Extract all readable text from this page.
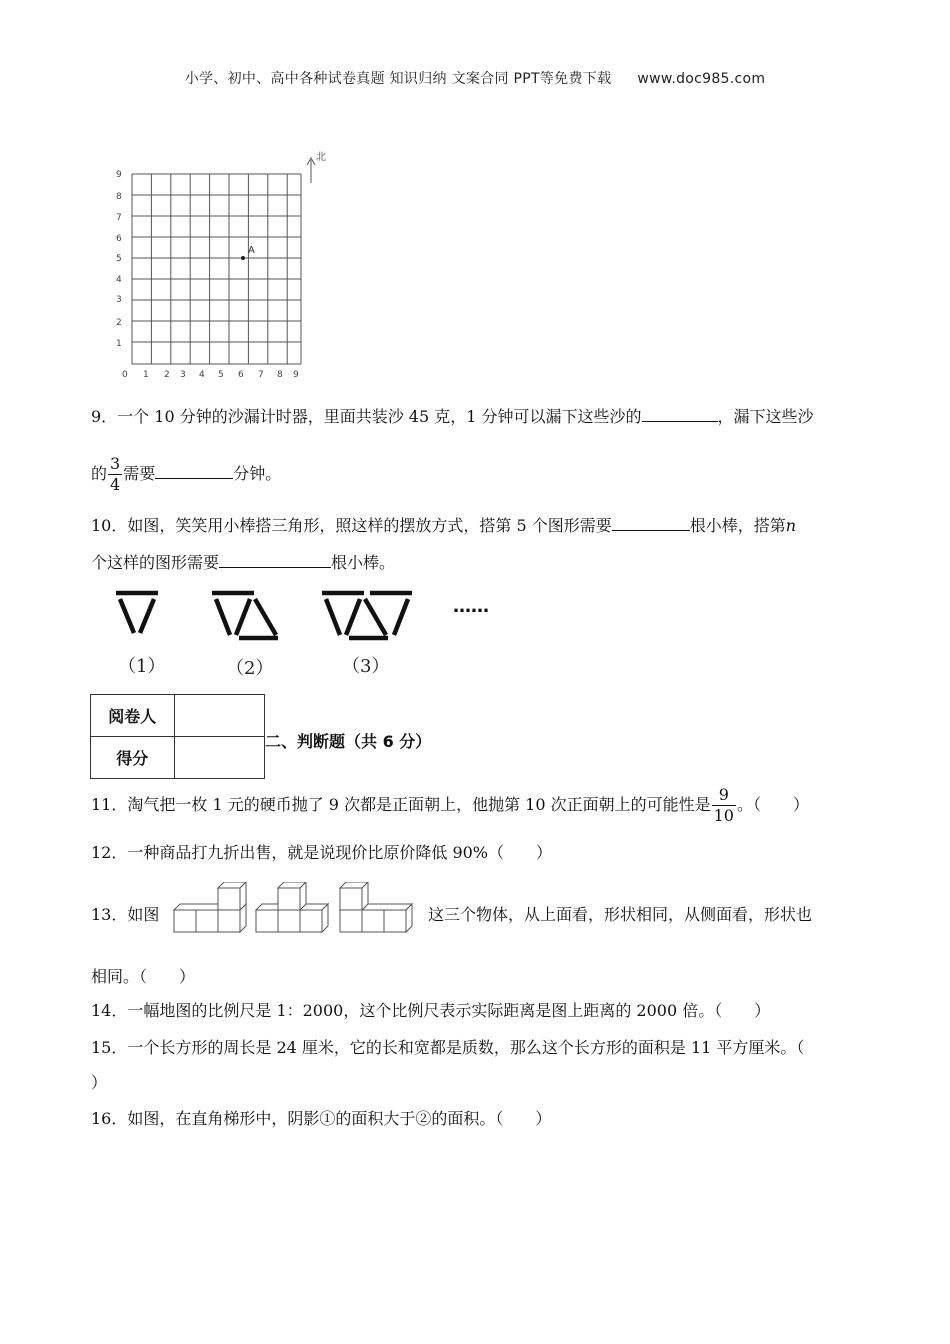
小学、初中、高中各种试卷真题 知识归纳 文案合同 PPT等免费下载 www.doc985.com
北
A
9
8
7
6
5
4
3
2
1
0 1 2 3 4 5 6 7 8 9
9．一个 10 分钟的沙漏计时器，里面共装沙 45 克，1 分钟可以漏下这些沙的	，漏下这些沙
的 $\frac{3}{4}$ 需要	分钟。
10．如图，笑笑用小棒搭三角形，照这样的摆放方式，搭第 5 个图形需要	根小棒，搭第n
个这样的图形需要	根小棒。
……
（1）	（2）	（3）
阅卷人	
得分	
二、判断题（共 6 分）
11．淘气把一枚 1 元的硬币抛了 9 次都是正面朝上，他抛第 10 次正面朝上的可能性是 $\frac{9}{10}$ 。（　　）
12．一种商品打九折出售，就是说现价比原价降低 90%（　　）
13．如图	这三个物体，从上面看，形状相同，从侧面看，形状也
相同。（　　）
14．一幅地图的比例尺是 1：2000，这个比例尺表示实际距离是图上距离的 2000 倍。（　　）
15．一个长方形的周长是 24 厘米，它的长和宽都是质数，那么这个长方形的面积是 11 平方厘米。（
）
16．如图，在直角梯形中，阴影①的面积大于②的面积。（　　）
